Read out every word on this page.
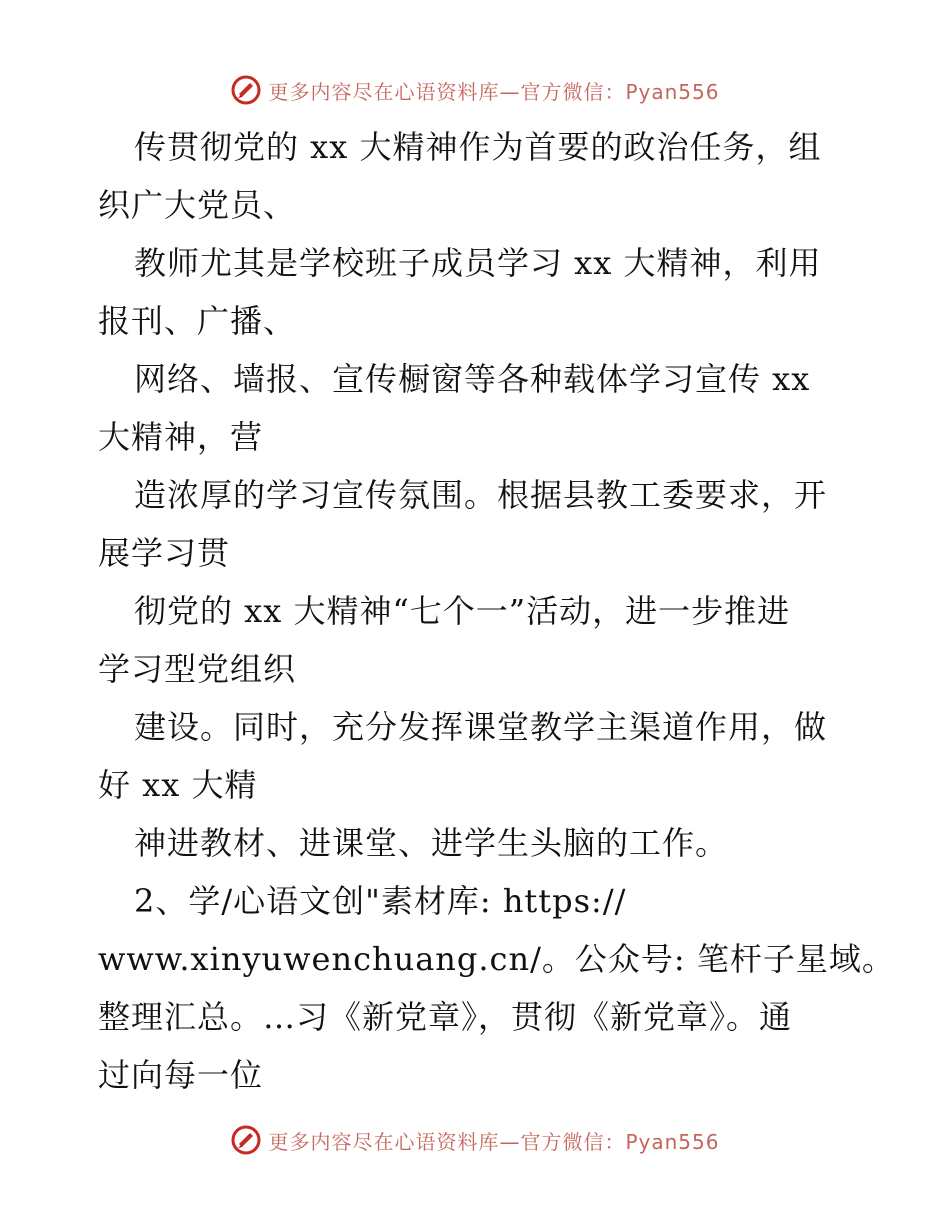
更多内容尽在心语资料库—官方微信：Pyan556
传贯彻党的 xx 大精神作为首要的政治任务，组
织广大党员、
教师尤其是学校班子成员学习 xx 大精神，利用
报刊、广播、
网络、墙报、宣传橱窗等各种载体学习宣传 xx
大精神，营
造浓厚的学习宣传氛围。根据县教工委要求，开
展学习贯
彻党的 xx 大精神“七个一”活动，进一步推进
学习型党组织
建设。同时，充分发挥课堂教学主渠道作用，做
好 xx 大精
神进教材、进课堂、进学生头脑的工作。
2、学/心语文创"素材库: https://
www.xinyuwenchuang.cn/。公众号: 笔杆子星域。
整理汇总。…习《新党章》，贯彻《新党章》。通
过向每一位
更多内容尽在心语资料库—官方微信：Pyan556
